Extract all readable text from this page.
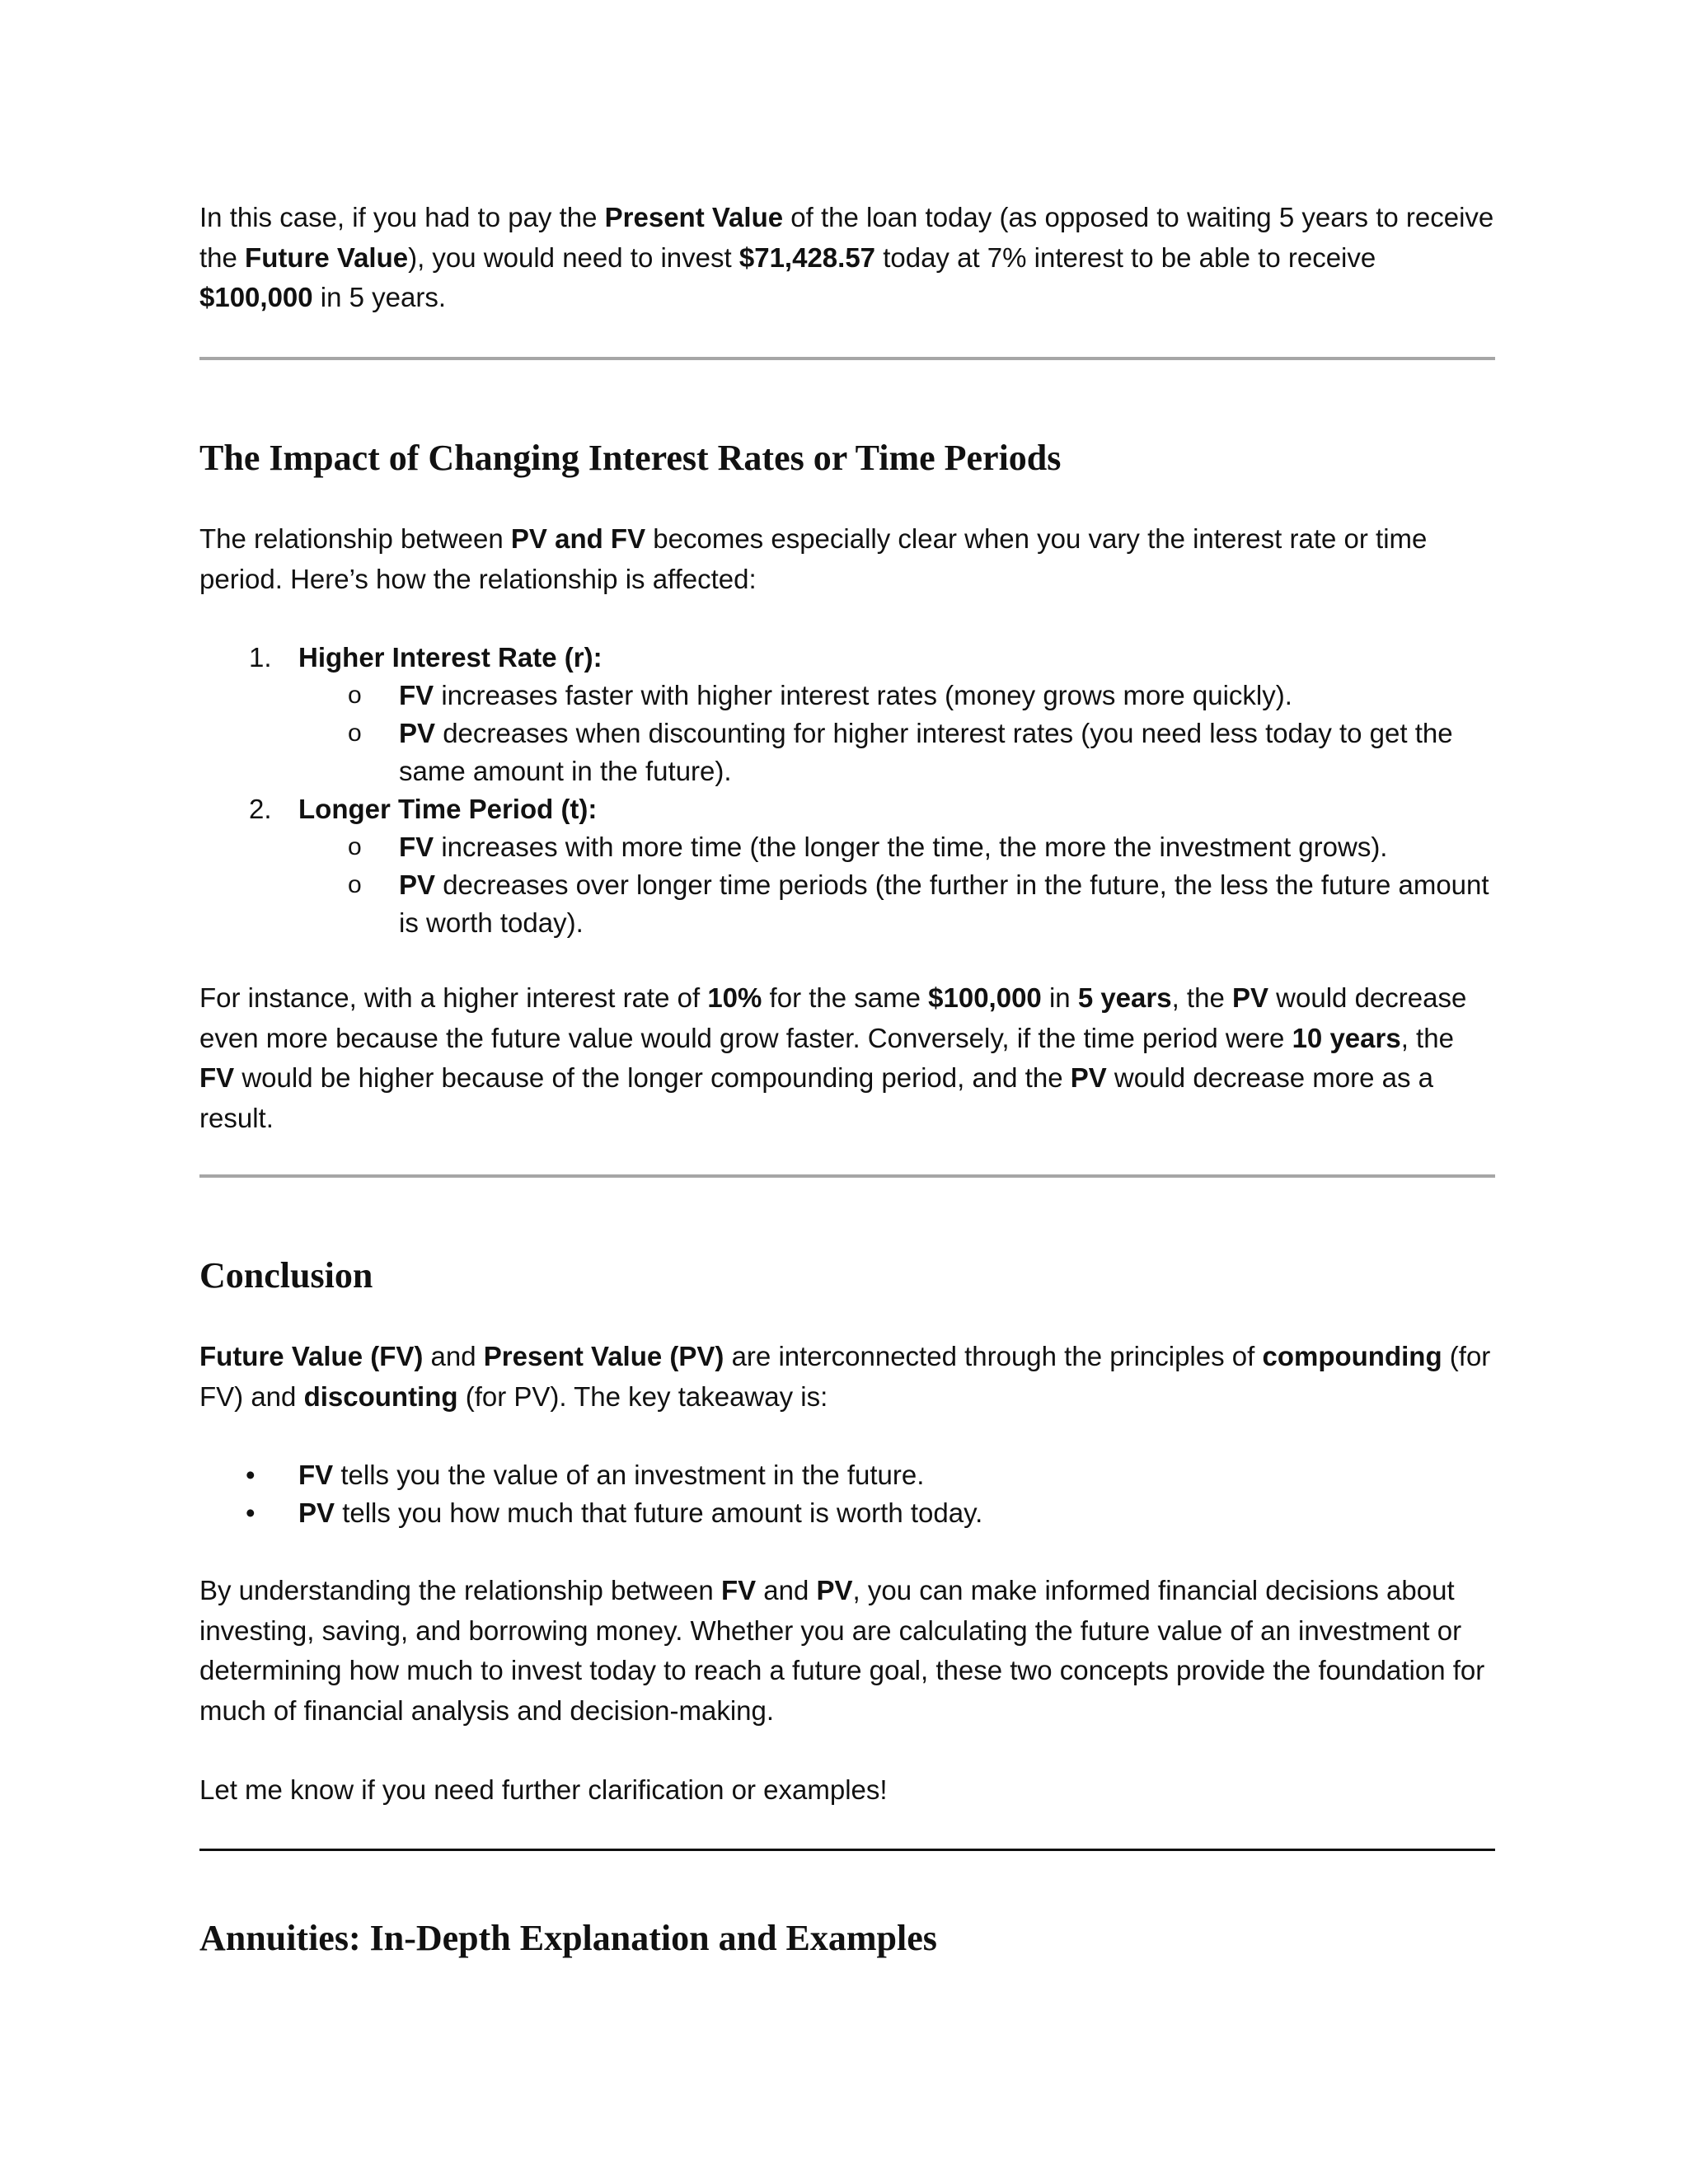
In this case, if you had to pay the Present Value of the loan today (as opposed to waiting 5 years to receive the Future Value), you would need to invest $71,428.57 today at 7% interest to be able to receive $100,000 in 5 years.

The Impact of Changing Interest Rates or Time Periods

The relationship between PV and FV becomes especially clear when you vary the interest rate or time period. Here’s how the relationship is affected:

1. Higher Interest Rate (r):

o FV increases faster with higher interest rates (money grows more quickly).

o PV decreases when discounting for higher interest rates (you need less today to get the same amount in the future).

2. Longer Time Period (t):

o FV increases with more time (the longer the time, the more the investment grows).

o PV decreases over longer time periods (the further in the future, the less the future amount is worth today).

For instance, with a higher interest rate of 10% for the same $100,000 in 5 years, the PV would decrease even more because the future value would grow faster. Conversely, if the time period were 10 years, the FV would be higher because of the longer compounding period, and the PV would decrease more as a result.

Conclusion

Future Value (FV) and Present Value (PV) are interconnected through the principles of compounding (for FV) and discounting (for PV). The key takeaway is:

• FV tells you the value of an investment in the future.

• PV tells you how much that future amount is worth today.

By understanding the relationship between FV and PV, you can make informed financial decisions about investing, saving, and borrowing money. Whether you are calculating the future value of an investment or determining how much to invest today to reach a future goal, these two concepts provide the foundation for much of financial analysis and decision-making.

Let me know if you need further clarification or examples!

Annuities: In-Depth Explanation and Examples
